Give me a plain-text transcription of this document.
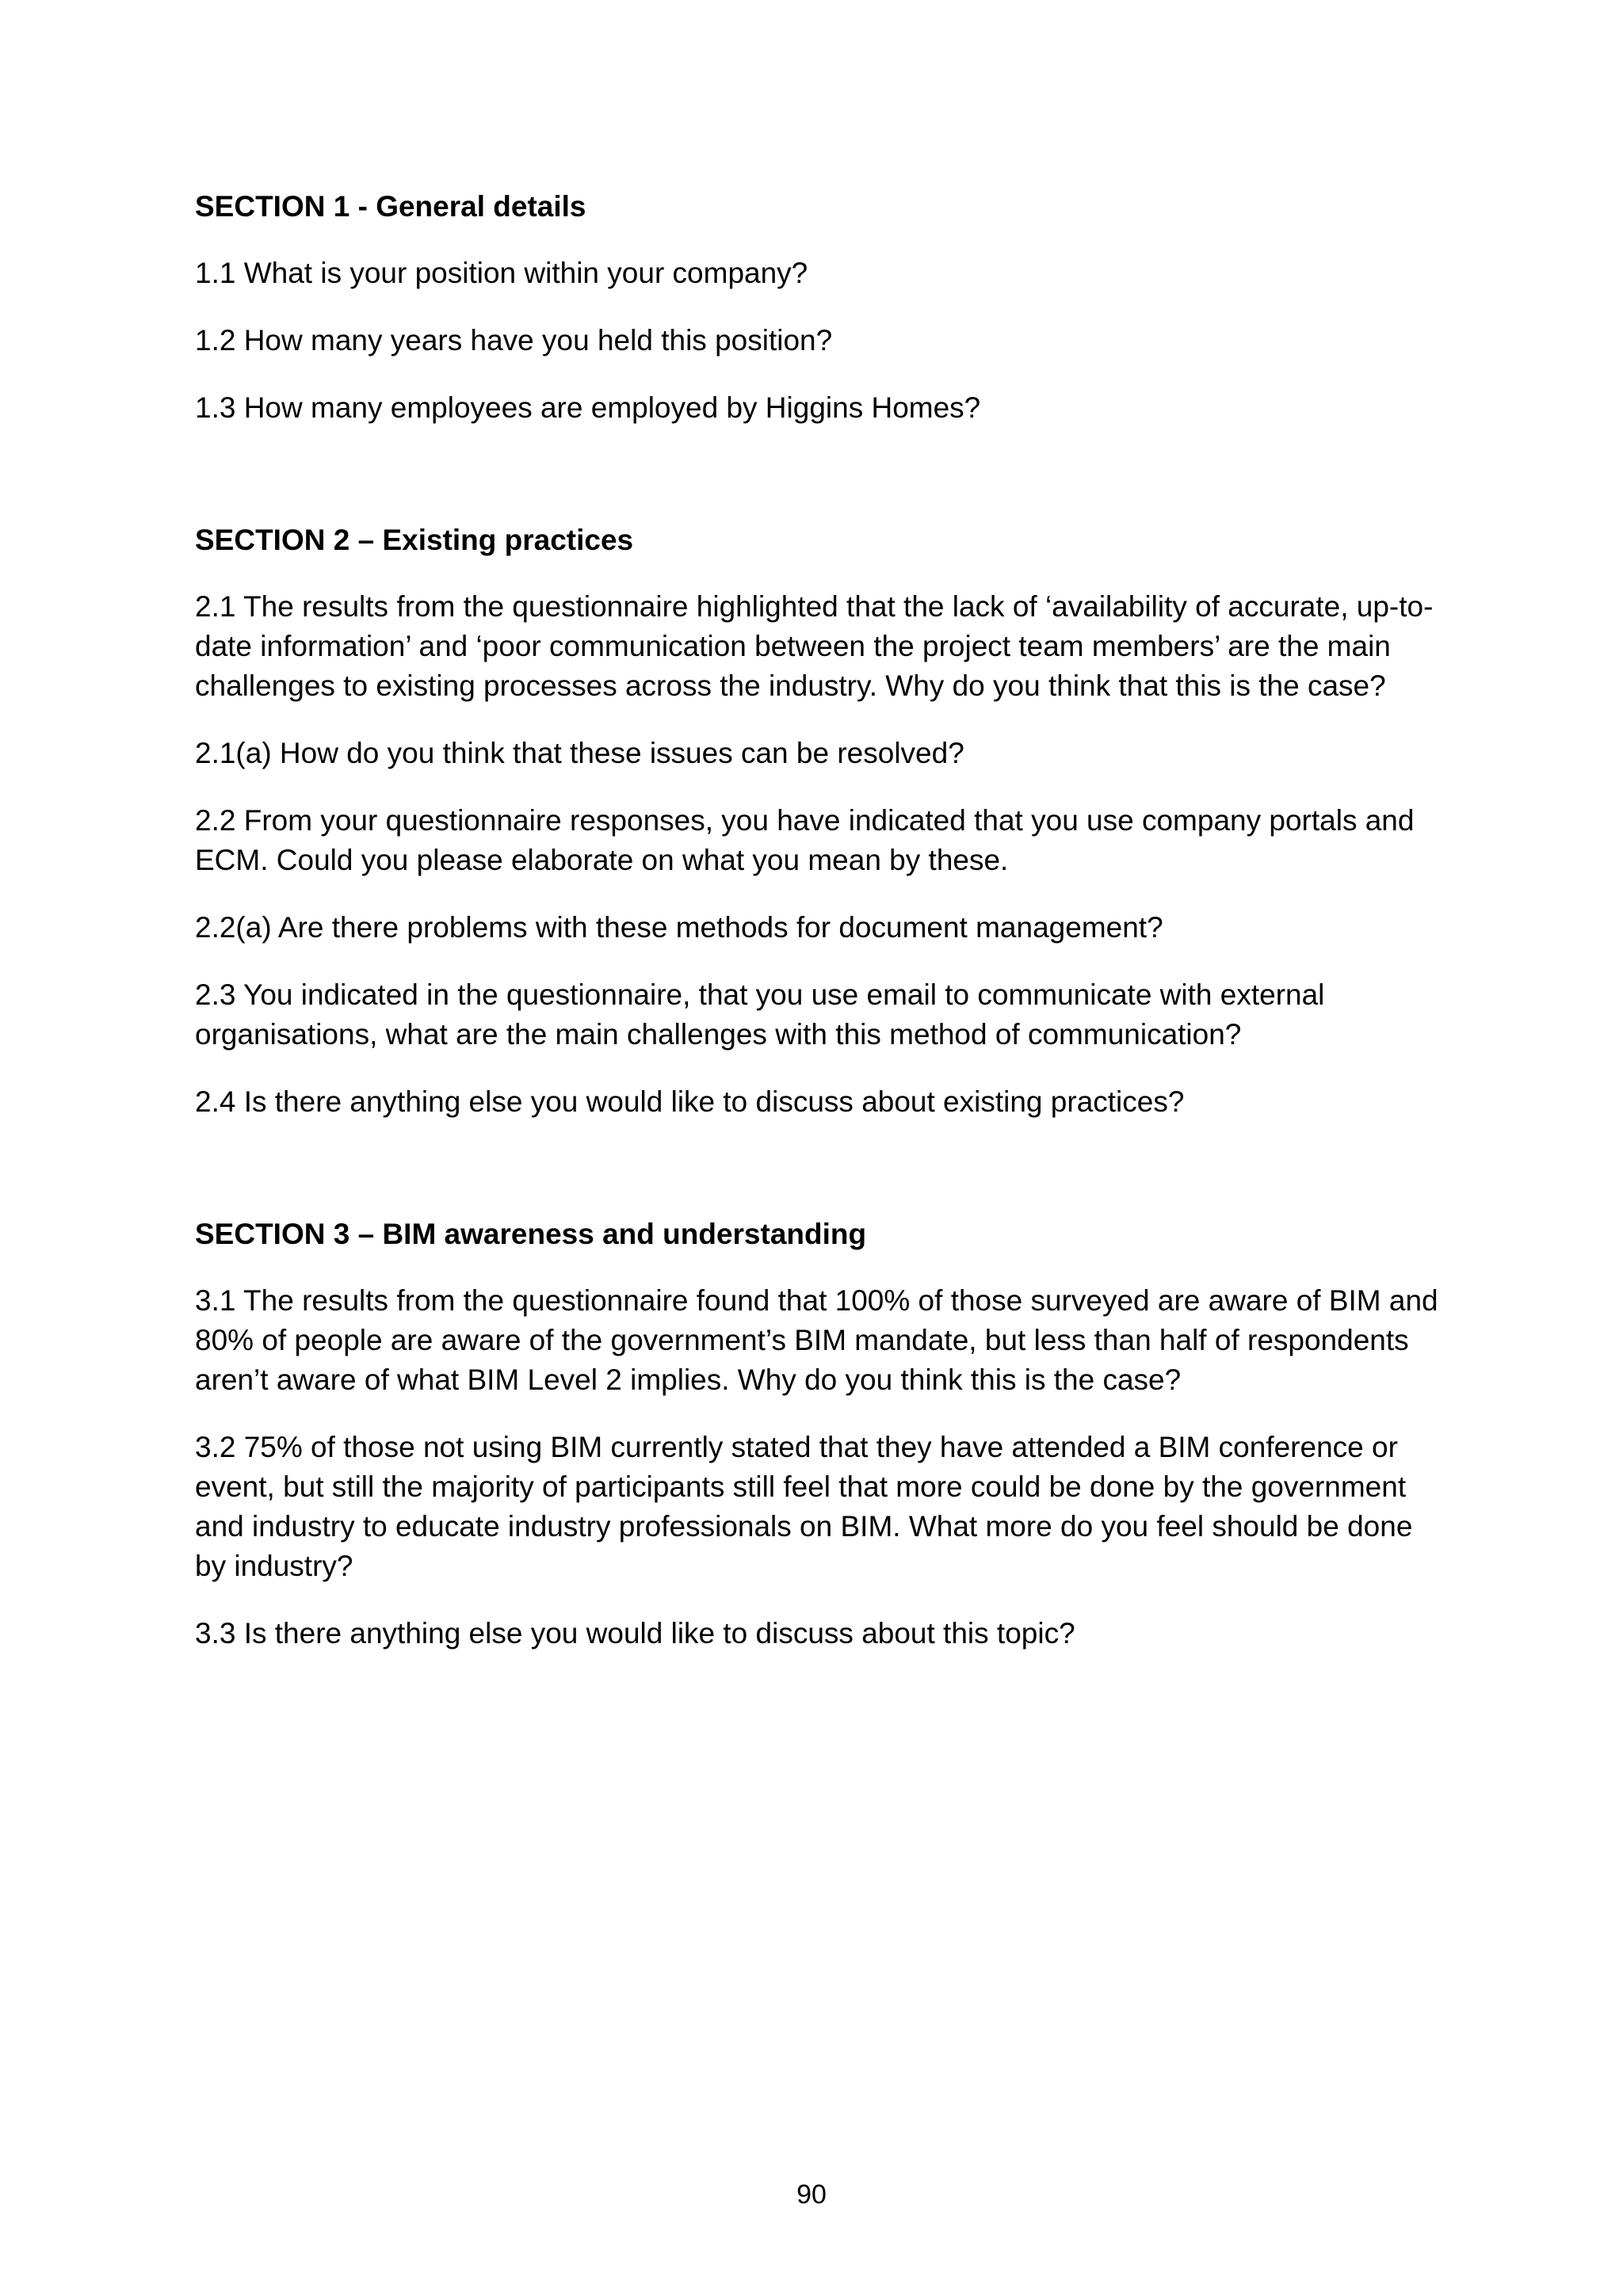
SECTION 1 - General details
1.1 What is your position within your company?
1.2 How many years have you held this position?
1.3 How many employees are employed by Higgins Homes?
SECTION 2 – Existing practices
2.1 The results from the questionnaire highlighted that the lack of ‘availability of accurate, up-to-date information’ and ‘poor communication between the project team members’ are the main challenges to existing processes across the industry. Why do you think that this is the case?
2.1(a) How do you think that these issues can be resolved?
2.2 From your questionnaire responses, you have indicated that you use company portals and ECM. Could you please elaborate on what you mean by these.
2.2(a) Are there problems with these methods for document management?
2.3 You indicated in the questionnaire, that you use email to communicate with external organisations, what are the main challenges with this method of communication?
2.4 Is there anything else you would like to discuss about existing practices?
SECTION 3 – BIM awareness and understanding
3.1 The results from the questionnaire found that 100% of those surveyed are aware of BIM and 80% of people are aware of the government’s BIM mandate, but less than half of respondents aren’t aware of what BIM Level 2 implies. Why do you think this is the case?
3.2 75% of those not using BIM currently stated that they have attended a BIM conference or event, but still the majority of participants still feel that more could be done by the government and industry to educate industry professionals on BIM. What more do you feel should be done by industry?
3.3 Is there anything else you would like to discuss about this topic?
90
